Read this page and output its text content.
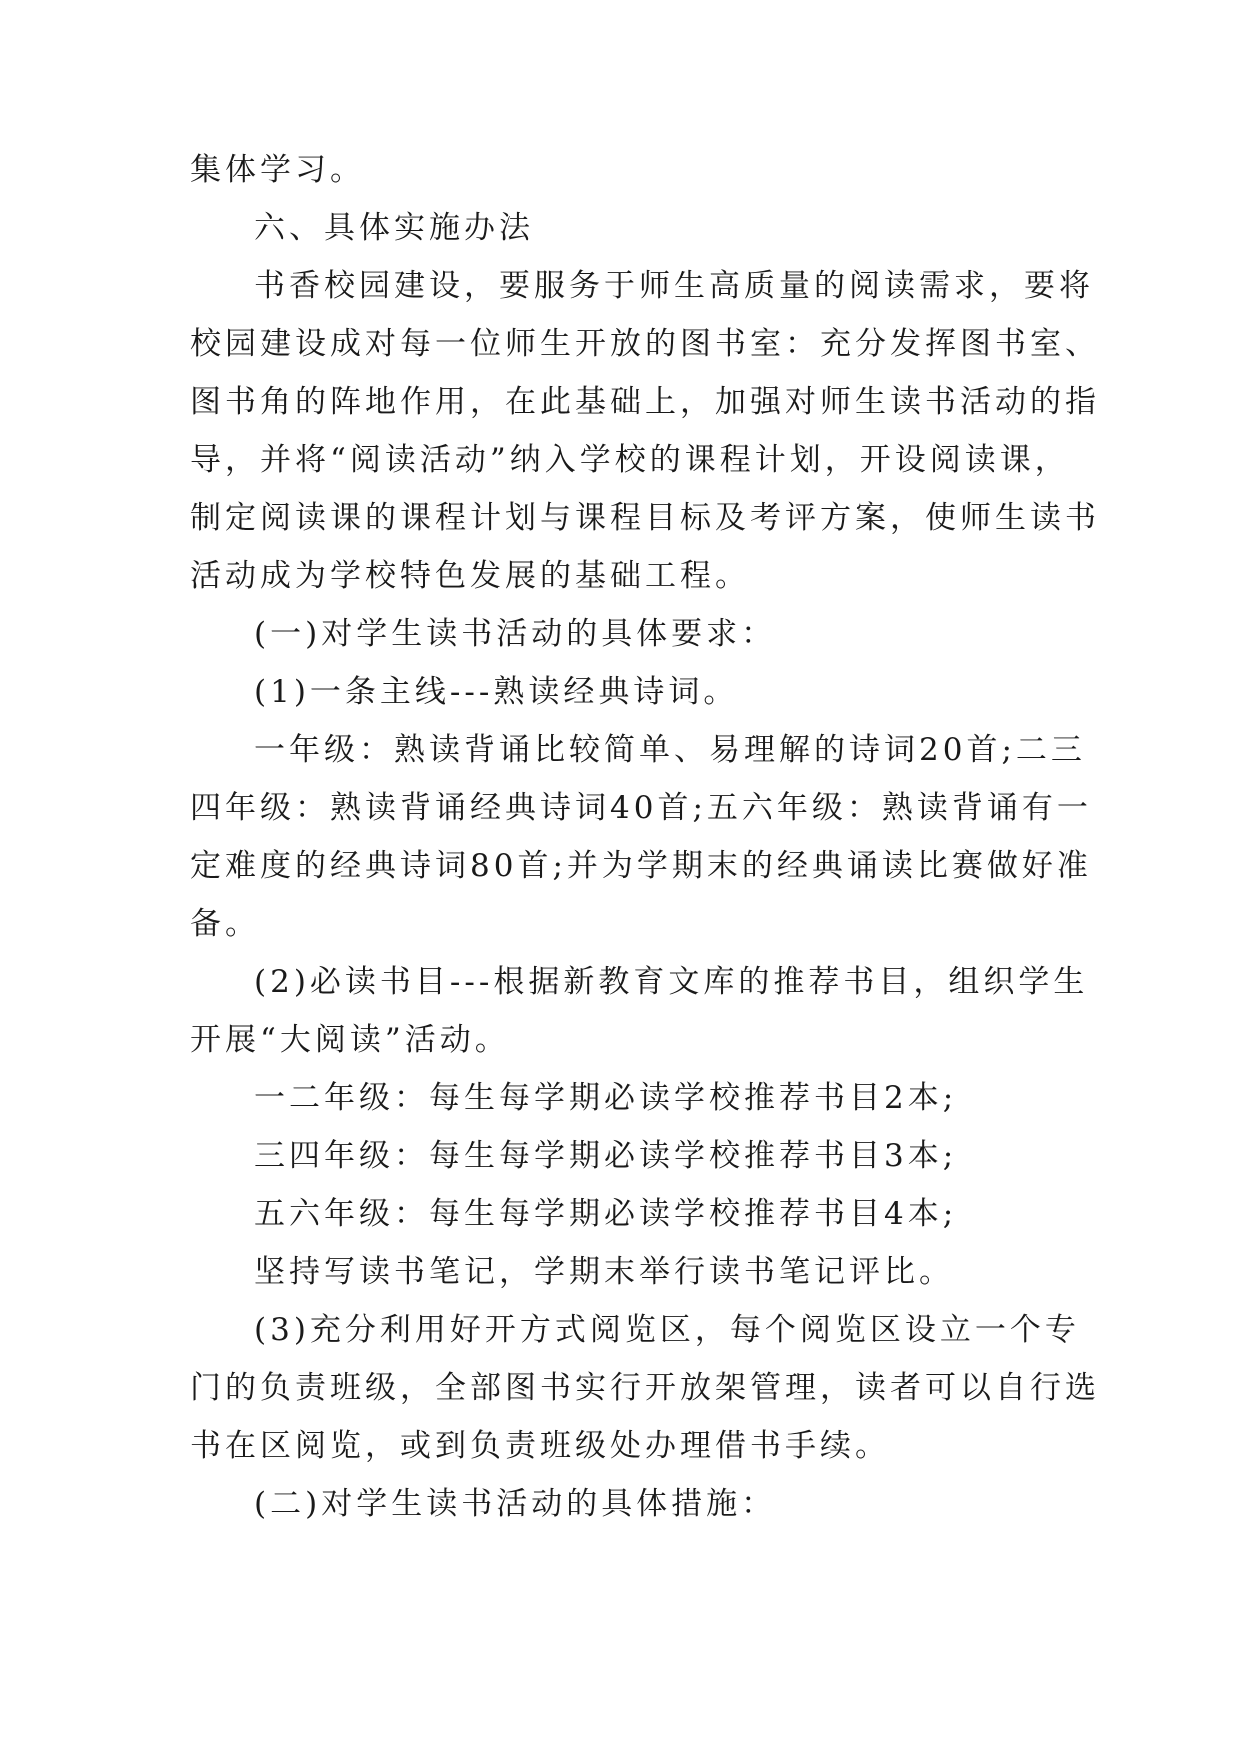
集体学习。
六、具体实施办法
书香校园建设，要服务于师生高质量的阅读需求，要将
校园建设成对每一位师生开放的图书室：充分发挥图书室、
图书角的阵地作用，在此基础上，加强对师生读书活动的指
导，并将“阅读活动”纳入学校的课程计划，开设阅读课，
制定阅读课的课程计划与课程目标及考评方案，使师生读书
活动成为学校特色发展的基础工程。
(一)对学生读书活动的具体要求：
(1)一条主线---熟读经典诗词。
一年级：熟读背诵比较简单、易理解的诗词20首;二三
四年级：熟读背诵经典诗词40首;五六年级：熟读背诵有一
定难度的经典诗词80首;并为学期末的经典诵读比赛做好准
备。
(2)必读书目---根据新教育文库的推荐书目，组织学生
开展“大阅读”活动。
一二年级：每生每学期必读学校推荐书目2本;
三四年级：每生每学期必读学校推荐书目3本;
五六年级：每生每学期必读学校推荐书目4本;
坚持写读书笔记，学期末举行读书笔记评比。
(3)充分利用好开方式阅览区，每个阅览区设立一个专
门的负责班级，全部图书实行开放架管理，读者可以自行选
书在区阅览，或到负责班级处办理借书手续。
(二)对学生读书活动的具体措施：
